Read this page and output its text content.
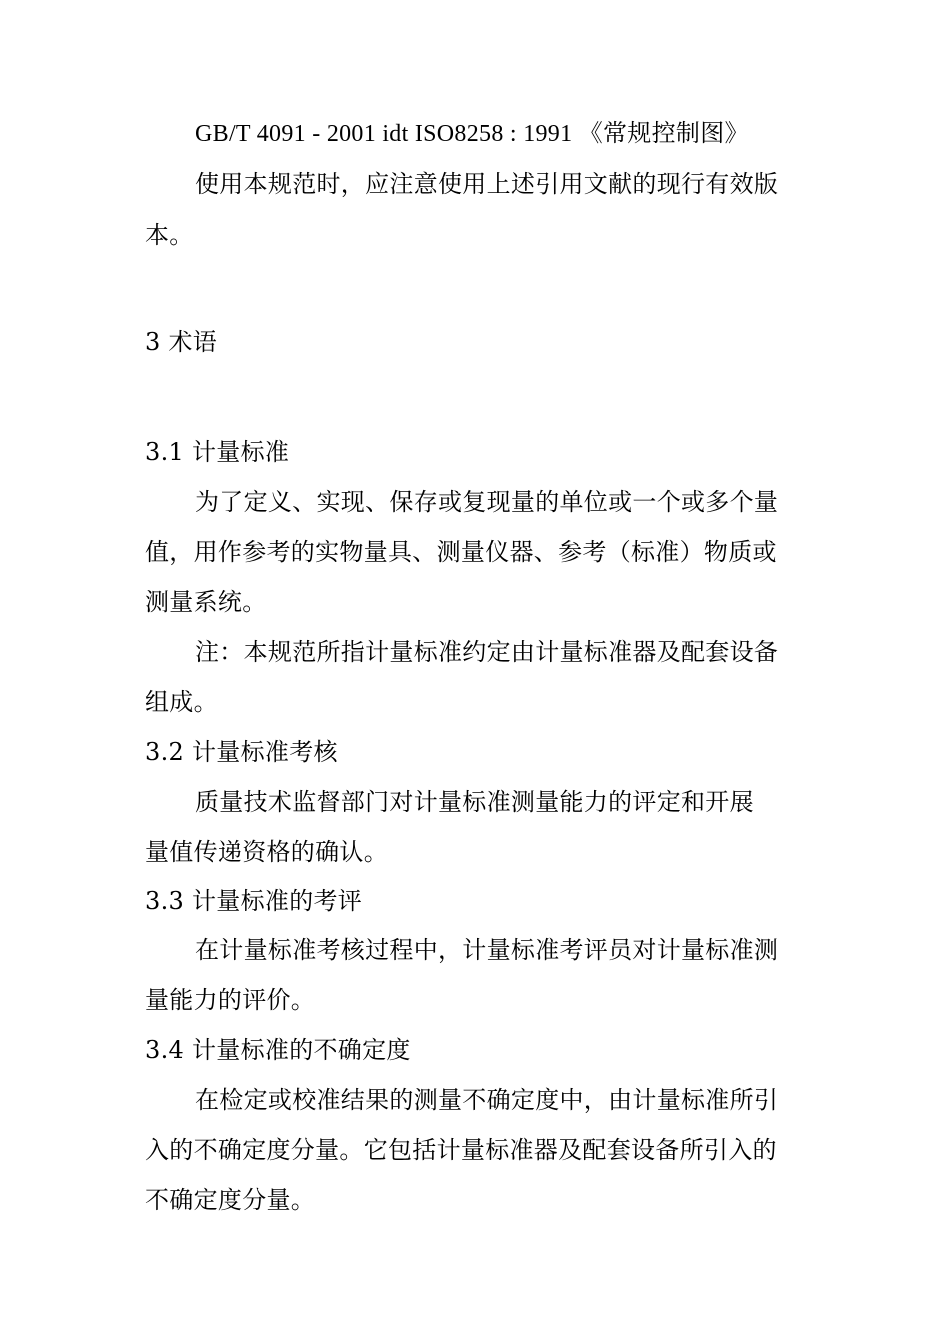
GB/T 4091 - 2001 idt ISO8258 : 1991 《常规控制图》
使用本规范时，应注意使用上述引用文献的现行有效版
本。
3 术语
3.1 计量标准
为了定义、实现、保存或复现量的单位或一个或多个量
值，用作参考的实物量具、测量仪器、参考（标准）物质或
测量系统。
注：本规范所指计量标准约定由计量标准器及配套设备
组成。
3.2 计量标准考核
质量技术监督部门对计量标准测量能力的评定和开展
量值传递资格的确认。
3.3 计量标准的考评
在计量标准考核过程中，计量标准考评员对计量标准测
量能力的评价。
3.4 计量标准的不确定度
在检定或校准结果的测量不确定度中，由计量标准所引
入的不确定度分量。它包括计量标准器及配套设备所引入的
不确定度分量。
